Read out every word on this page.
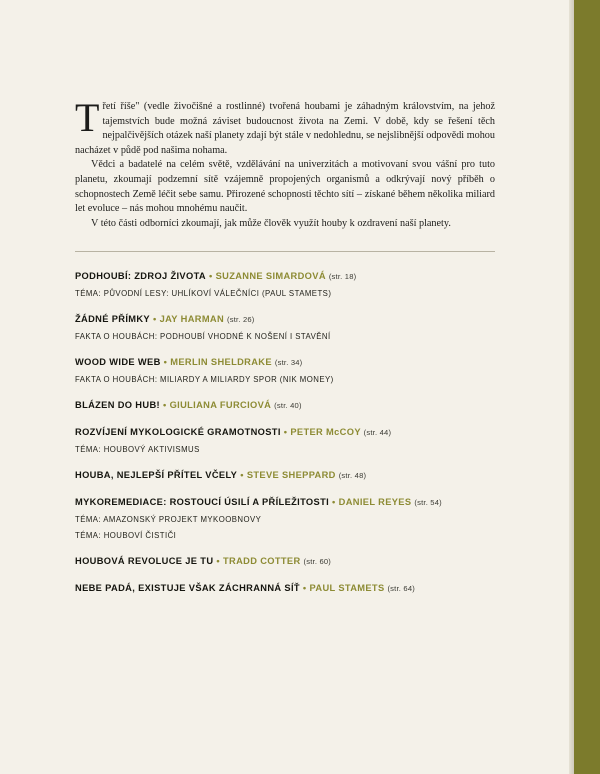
T řetí říše" (vedle živočišné a rostlinné) tvořená houbami je záhadným královstvím, na jehož tajemstvích bude možná záviset budoucnost života na Zemi. V době, kdy se řešení těch nejpalčivějších otázek naší planety zdají být stále v nedohlednu, se nejslibnější odpovědi mohou nacházet v půdě pod našima nohama.

Vědci a badatelé na celém světě, vzdělávání na univerzitách a motivovaní svou vášní pro tuto planetu, zkoumají podzemní sítě vzájemně propojených organismů a odkrývají nový příběh o schopnostech Země léčit sebe samu. Přirozené schopnosti těchto sítí – získané během několika miliard let evoluce – nás mohou mnohému naučit.

V této části odborníci zkoumají, jak může člověk využít houby k ozdravení naší planety.

PODHOUBÍ: ZDROJ ŽIVOTA • SUZANNE SIMARDOVÁ (str. 18)
TÉMA: PŮVODNÍ LESY: UHLÍKOVÍ VÁLEČNÍCI (PAUL STAMETS)
ŽÁDNÉ PŘÍMKY • JAY HARMAN (str. 26)
FAKTA O HOUBÁCH: PODHOUBÍ VHODNÉ K NOŠENÍ I STAVĚNÍ
WOOD WIDE WEB • MERLIN SHELDRAKE (str. 34)
FAKTA O HOUBÁCH: MILIARDY A MILIARDY SPOR (NIK MONEY)
BLÁZEN DO HUB! • GIULIANA FURCIOVÁ (str. 40)
ROZVÍJENÍ MYKOLOGICKÉ GRAMOTNOSTI • PETER McCOY (str. 44)
TÉMA: HOUBOVÝ AKTIVISMUS
HOUBA, NEJLEPŠÍ PŘÍTEL VČELY • STEVE SHEPPARD (str. 48)
MYKOREMEDIACE: ROSTOUCÍ ÚSILÍ A PŘÍLEŽITOSTI • DANIEL REYES (str. 54)
TÉMA: AMAZONSKÝ PROJEKT MYKOOBNOVY
TÉMA: HOUBOVÍ ČISTIČI
HOUBOVÁ REVOLUCE JE TU • TRADD COTTER (str. 60)
NEBE PADÁ, EXISTUJE VŠAK ZÁCHRANNÁ SÍŤ • PAUL STAMETS (str. 64)
